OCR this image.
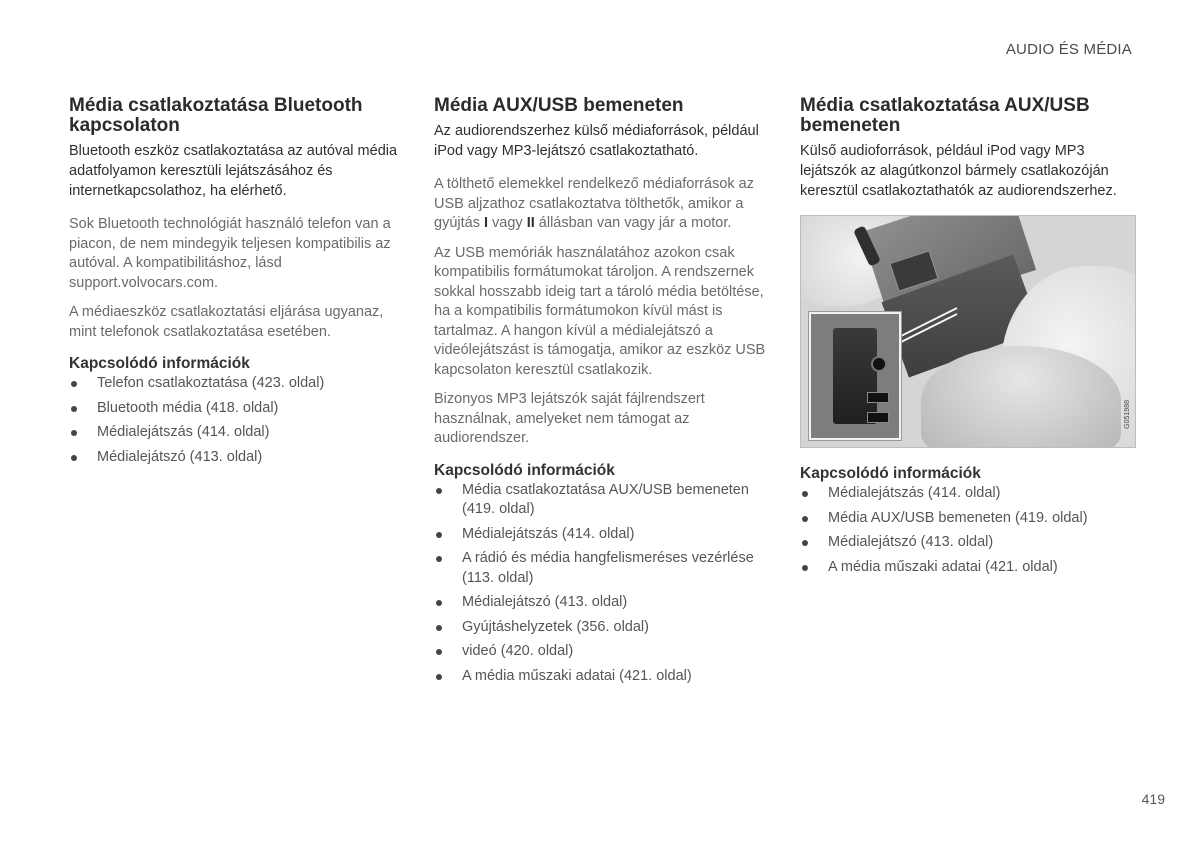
AUDIO ÉS MÉDIA
Média csatlakoztatása Bluetooth kapcsolaton

Bluetooth eszköz csatlakoztatása az autóval média adatfolyamon keresztüli lejátszásához és internetkapcsolathoz, ha elérhető.

Sok Bluetooth technológiát használó telefon van a piacon, de nem mindegyik teljesen kompatibilis az autóval. A kompatibilitáshoz, lásd support.volvocars.com.

A médiaeszköz csatlakoztatási eljárása ugyanaz, mint telefonok csatlakoztatása esetében.

Kapcsolódó információk
Telefon csatlakoztatása (423. oldal)
Bluetooth média (418. oldal)
Médialejátszás (414. oldal)
Médialejátszó (413. oldal)
Média AUX/USB bemeneten

Az audiorendszerhez külső médiaforrások, például iPod vagy MP3-lejátszó csatlakoztatható.

A tölthető elemekkel rendelkező médiaforrások az USB aljzathoz csatlakoztatva tölthetők, amikor a gyújtás I vagy II állásban van vagy jár a motor.

Az USB memóriák használatához azokon csak kompatibilis formátumokat tároljon. A rendszernek sokkal hosszabb ideig tart a tároló média betöltése, ha a kompatibilis formátumokon kívül mást is tartalmaz. A hangon kívül a médialejátszó a videólejátszást is támogatja, amikor az eszköz USB kapcsolaton keresztül csatlakozik.

Bizonyos MP3 lejátszók saját fájlrendszert használnak, amelyeket nem támogat az audiorendszer.

Kapcsolódó információk
Média csatlakoztatása AUX/USB bemeneten (419. oldal)
Médialejátszás (414. oldal)
A rádió és média hangfelismeréses vezérlése (113. oldal)
Médialejátszó (413. oldal)
Gyújtáshelyzetek (356. oldal)
videó (420. oldal)
A média műszaki adatai (421. oldal)
Média csatlakoztatása AUX/USB bemeneten

Külső audioforrások, például iPod vagy MP3 lejátszók az alagútkonzol bármely csatlakozóján keresztül csatlakoztathatók az audiorendszerhez.

G051988
Kapcsolódó információk
Médialejátszás (414. oldal)
Média AUX/USB bemeneten (419. oldal)
Médialejátszó (413. oldal)
A média műszaki adatai (421. oldal)
419
